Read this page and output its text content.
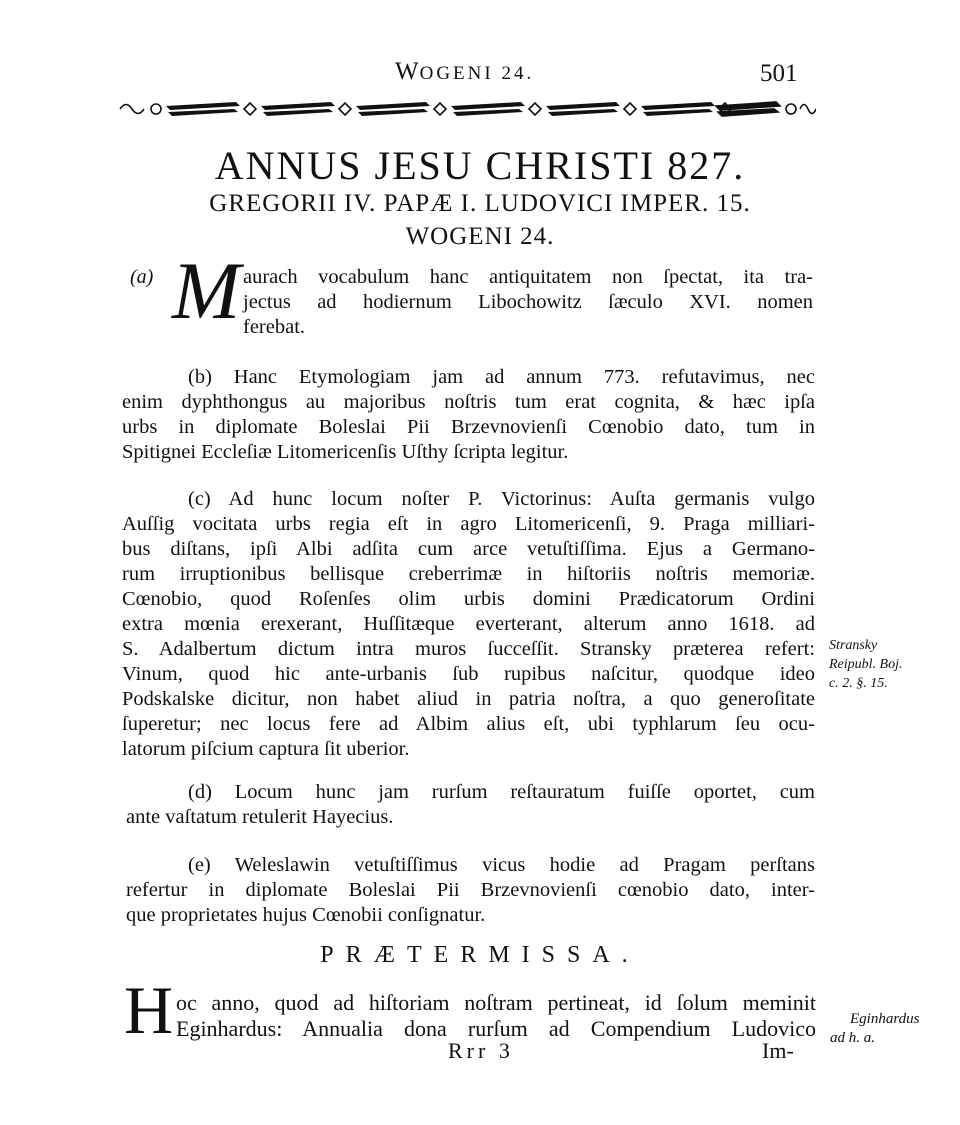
WOGENI 24.	501
ANNUS JESU CHRISTI 827.
GREGORII IV. PAPÆ I. LUDOVICI IMPER. 15.
WOGENI 24.
(a) M aurach vocabulum hanc antiquitatem non ſpectat, ita tra-
jectus ad hodiernum Libochowitz ſæculo XVI. nomen
ferebat.
(b) Hanc Etymologiam jam ad annum 773. refutavimus, nec
enim dyphthongus au majoribus noſtris tum erat cognita, & hæc ipſa
urbs in diplomate Boleslai Pii Brzevnovienſi Cœnobio dato, tum in
Spitignei Eccleſiæ Litomericenſis Uſthy ſcripta legitur.
(c) Ad hunc locum noſter P. Victorinus: Auſta germanis vulgo
Auſſig vocitata urbs regia eſt in agro Litomericenſi, 9. Praga milliari-
bus diſtans, ipſi Albi adſita cum arce vetuſtiſſima. Ejus a Germano-
rum irruptionibus bellisque creberrimæ in hiſtoriis noſtris memoriæ.
Cœnobio, quod Roſenſes olim urbis domini Prædicatorum Ordini
extra mœnia erexerant, Huſſitæque everterant, alterum anno 1618. ad
S. Adalbertum dictum intra muros ſucceſſit. Stransky præterea refert:
Vinum, quod hic ante-urbanis ſub rupibus naſcitur, quodque ideo
Podskalske dicitur, non habet aliud in patria noſtra, a quo generoſitate
ſuperetur; nec locus fere ad Albim alius eſt, ubi typhlarum ſeu ocu-
latorum piſcium captura ſit uberior.
Stransky
Reipubl. Boj.
c. 2. §. 15.
(d) Locum hunc jam rurſum reſtauratum fuiſſe oportet, cum
ante vaſtatum retulerit Hayecius.
(e) Weleslawin vetuſtiſſimus vicus hodie ad Pragam perſtans
refertur in diplomate Boleslai Pii Brzevnovienſi cœnobio dato, inter-
que proprietates hujus Cœnobii conſignatur.
PRÆTERMISSA.
H oc anno, quod ad hiſtoriam noſtram pertineat, id ſolum meminit
Eginhardus: Annualia dona rurſum ad Compendium Ludovico	Eginhardus
ad h. a.
Rrr 3	Im-
